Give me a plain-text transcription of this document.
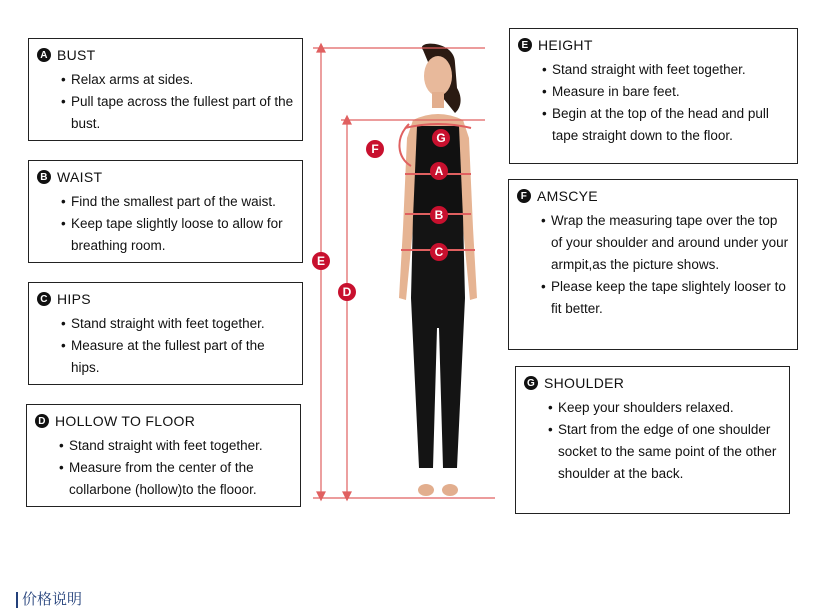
A BUST
• Relax arms at sides.
• Pull tape across the fullest part of the bust.
B WAIST
• Find the smallest part of the waist.
• Keep tape slightly loose to allow for breathing room.
C HIPS
• Stand straight with feet together.
• Measure at the fullest part of the hips.
D HOLLOW TO FLOOR
• Stand straight with feet together.
• Measure from the center of the collarbone (hollow)to the flooor.
E HEIGHT
• Stand straight with feet together.
• Measure in bare feet.
• Begin at the top of the head and pull tape straight down to the floor.
F AMSCYE
• Wrap the measuring tape over the top of your shoulder and around under your armpit,as the picture shows.
• Please keep the tape slightely looser to fit better.
G SHOULDER
• Keep your shoulders relaxed.
• Start from the edge of one shoulder socket to the same point of the other shoulder at the back.
G
F
A
B
C
E
D
价格说明
